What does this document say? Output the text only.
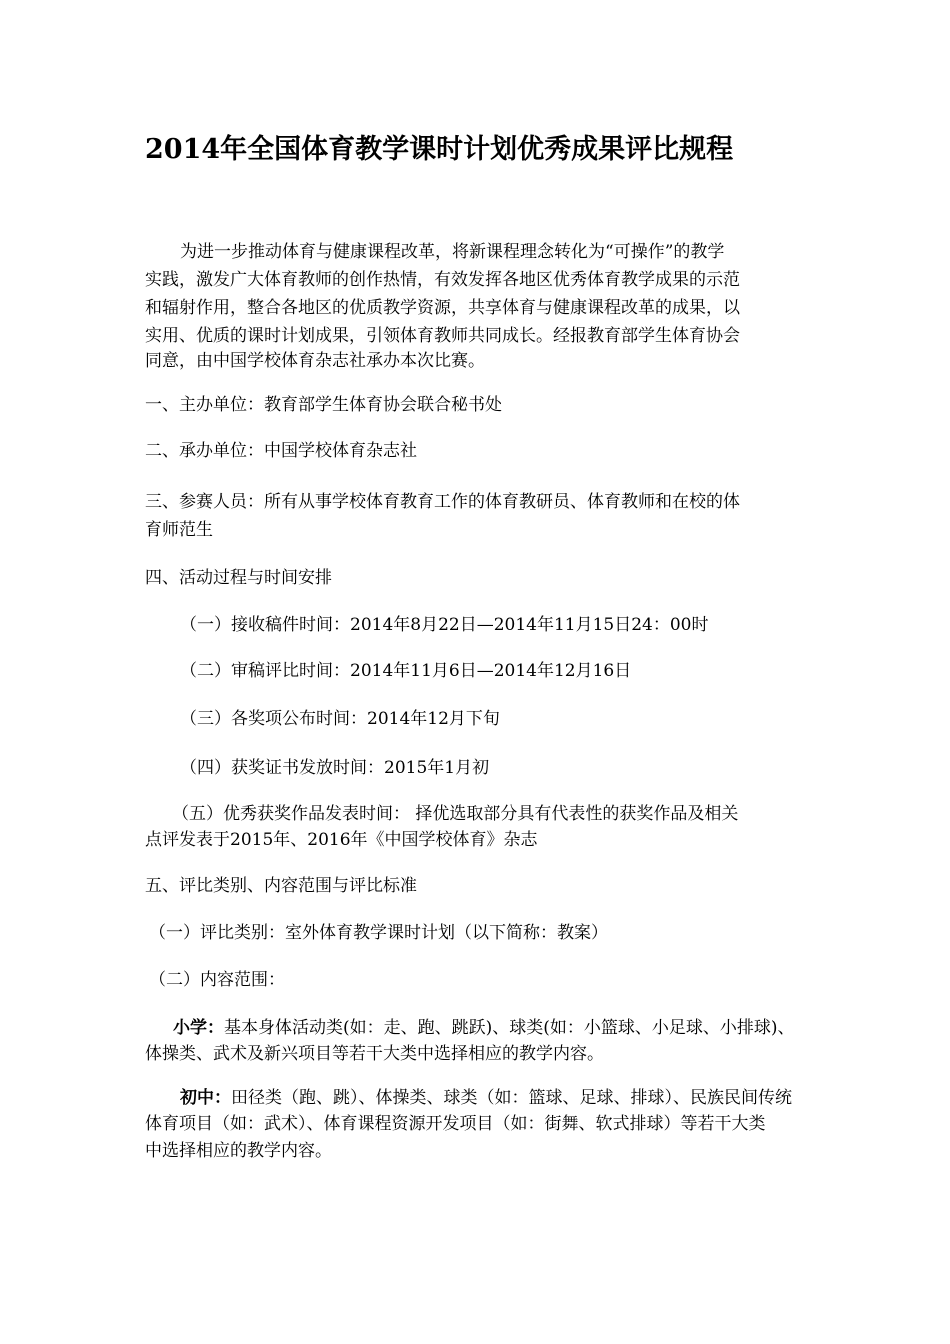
2014年全国体育教学课时计划优秀成果评比规程
为进一步推动体育与健康课程改革，将新课程理念转化为“可操作”的教学
实践，激发广大体育教师的创作热情，有效发挥各地区优秀体育教学成果的示范
和辐射作用，整合各地区的优质教学资源，共享体育与健康课程改革的成果，以
实用、优质的课时计划成果，引领体育教师共同成长。经报教育部学生体育协会
同意，由中国学校体育杂志社承办本次比赛。
一、主办单位：教育部学生体育协会联合秘书处
二、承办单位：中国学校体育杂志社
三、参赛人员：所有从事学校体育教育工作的体育教研员、体育教师和在校的体
育师范生
四、活动过程与时间安排
（一）接收稿件时间：2014年8月22日—2014年11月15日24：00时
（二）审稿评比时间：2014年11月6日—2014年12月16日
（三）各奖项公布时间：2014年12月下旬
（四）获奖证书发放时间：2015年1月初
（五）优秀获奖作品发表时间： 择优选取部分具有代表性的获奖作品及相关
点评发表于2015年、2016年《中国学校体育》杂志
五、评比类别、内容范围与评比标准
（一）评比类别：室外体育教学课时计划（以下简称：教案）
（二）内容范围：
小学：基本身体活动类(如：走、跑、跳跃)、球类(如：小篮球、小足球、小排球)、
体操类、武术及新兴项目等若干大类中选择相应的教学内容。
初中：田径类（跑、跳）、体操类、球类（如：篮球、足球、排球）、民族民间传统
体育项目（如：武术）、体育课程资源开发项目（如：街舞、软式排球）等若干大类
中选择相应的教学内容。
